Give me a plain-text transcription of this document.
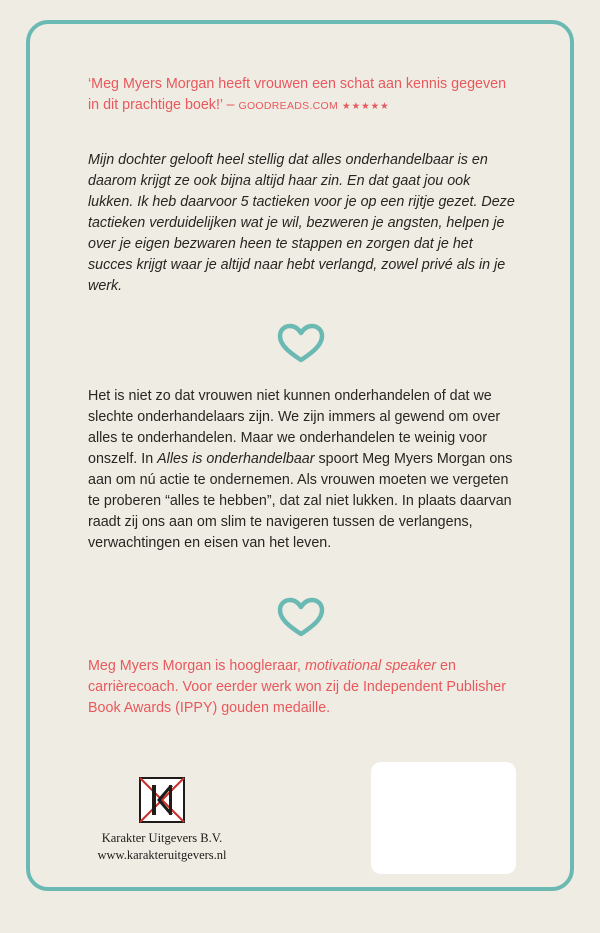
‘Meg Myers Morgan heeft vrouwen een schat aan kennis gegeven in dit prachtige boek!’ – GOODREADS.COM ★★★★★

Mijn dochter gelooft heel stellig dat alles onderhandelbaar is en daarom krijgt ze ook bijna altijd haar zin. En dat gaat jou ook lukken. Ik heb daarvoor 5 tactieken voor je op een rijtje gezet. Deze tactieken verduidelijken wat je wil, bezweren je angsten, helpen je over je eigen bezwaren heen te stappen en zorgen dat je het succes krijgt waar je altijd naar hebt verlangd, zowel privé als in je werk.

Het is niet zo dat vrouwen niet kunnen onderhandelen of dat we slechte onderhandelaars zijn. We zijn immers al gewend om over alles te onderhandelen. Maar we onderhandelen te weinig voor onszelf. In Alles is onderhandelbaar spoort Meg Myers Morgan ons aan om nú actie te ondernemen. Als vrouwen moeten we vergeten te proberen “alles te hebben”, dat zal niet lukken. In plaats daarvan raadt zij ons aan om slim te navigeren tussen de verlangens, verwachtingen en eisen van het leven.

Meg Myers Morgan is hoogleraar, motivational speaker en carrièrecoach. Voor eerder werk won zij de Independent Publisher Book Awards (IPPY) gouden medaille.

Karakter Uitgevers B.V.
www.karakteruitgevers.nl
